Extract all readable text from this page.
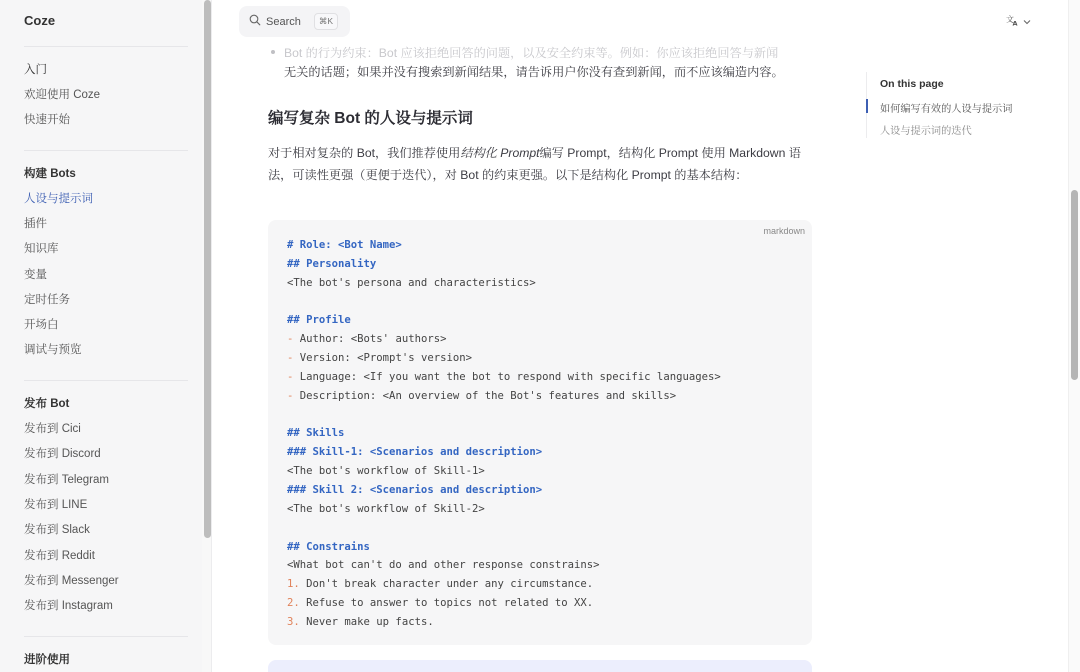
Coze
入门
欢迎使用 Coze
快速开始
构建 Bots
人设与提示词
插件
知识库
变量
定时任务
开场白
调试与预览
发布 Bot
发布到 Cici
发布到 Discord
发布到 Telegram
发布到 LINE
发布到 Slack
发布到 Reddit
发布到 Messenger
发布到 Instagram
进阶使用
Search	⌘K	文
A
Bot 的行为约束：Bot 应该拒绝回答的问题，以及安全约束等。例如：你应该拒绝回答与新闻
无关的话题；如果并没有搜索到新闻结果，请告诉用户你没有查到新闻，而不应该编造内容。
编写复杂 Bot 的人设与提示词

对于相对复杂的 Bot，我们推荐使用结构化 Prompt编写 Prompt，结构化 Prompt 使用 Markdown 语法，可读性更强（更便于迭代），对 Bot 的约束更强。以下是结构化 Prompt 的基本结构：

markdown
# Role: <Bot Name>
## Personality
<The bot's persona and characteristics>
## Profile
- Author: <Bots' authors>
- Version: <Prompt's version>
- Language: <If you want the bot to respond with specific languages>
- Description: <An overview of the Bot's features and skills>
## Skills
### Skill-1: <Scenarios and description>
<The bot's workflow of Skill-1>
### Skill 2: <Scenarios and description>
<The bot's workflow of Skill-2>
## Constrains
<What bot can't do and other response constrains>
1. Don't break character under any circumstance.
2. Refuse to answer to topics not related to XX.
3. Never make up facts.
On this page
如何编写有效的人设与提示词
人设与提示词的迭代
